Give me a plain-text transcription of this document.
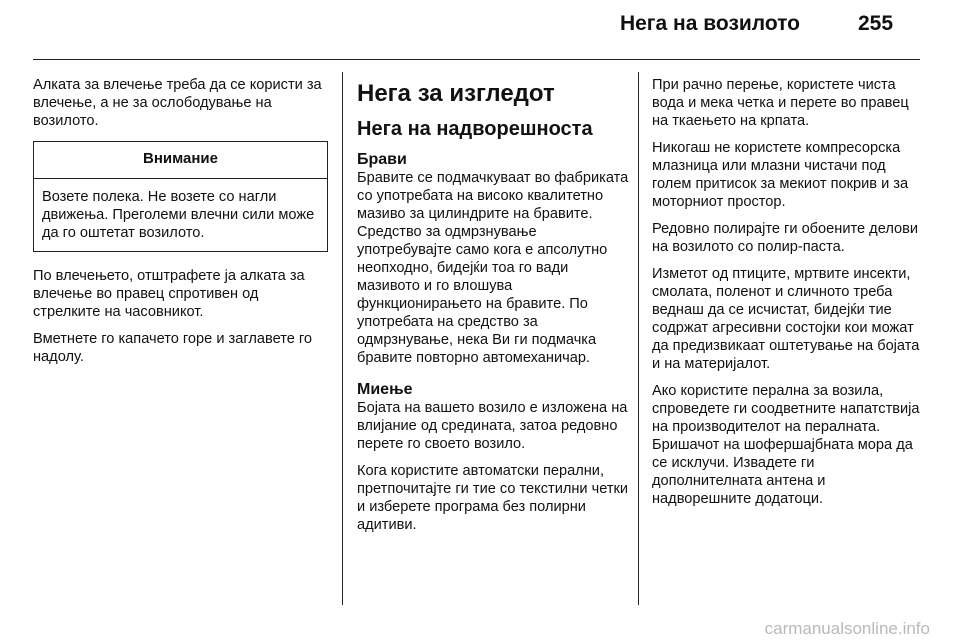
Нега на возилото	255

Алката за влечење треба да се користи за влечење, а не за ослободување на возилото.

Внимание
Возете полека. Не возете со нагли движења. Преголеми влечни сили може да го оштетат возилото.

По влечењето, отштрафете ја алката за влечење во правец спротивен од стрелките на часовникот.

Вметнете го капачето горе и заглавете го надолу.

Нега за изгледот
Нега на надворешноста
Брави

Бравите се подмачкуваат во фабриката со употребата на високо квалитетно мазиво за цилиндрите на бравите. Средство за одмрзнување употребувајте само кога е апсолутно неопходно, бидејќи тоа го вади мазивото и го влошува функционирањето на бравите. По употребата на средство за одмрзнување, нека Ви ги подмачка бравите повторно автомеханичар.

Миење

Бојата на вашето возило е изложена на влијание од средината, затоа редовно перете го своето возило.

Кога користите автоматски перални, претпочитајте ги тие со текстилни четки и изберете програма без полирни адитиви.

При рачно перење, користете чиста вода и мека четка и перете во правец на ткаењето на крпата.

Никогаш не користете компресорска млазница или млазни чистачи под голем притисок за мекиот покрив и за моторниот простор.

Редовно полирајте ги обоените делови на возилото со полир-паста.

Изметот од птиците, мртвите инсекти, смолата, поленот и сличното треба веднаш да се исчистат, бидејќи тие содржат агресивни состојки кои можат да предизвикаат оштетување на бојата и на материјалот.

Ако користите перална за возила, спроведете ги соодветните напатствија на производителот на пералната. Бришачот на шофершајбната мора да се исклучи. Извадете ги дополнителната антена и надворешните додатоци.

carmanualsonline.info
